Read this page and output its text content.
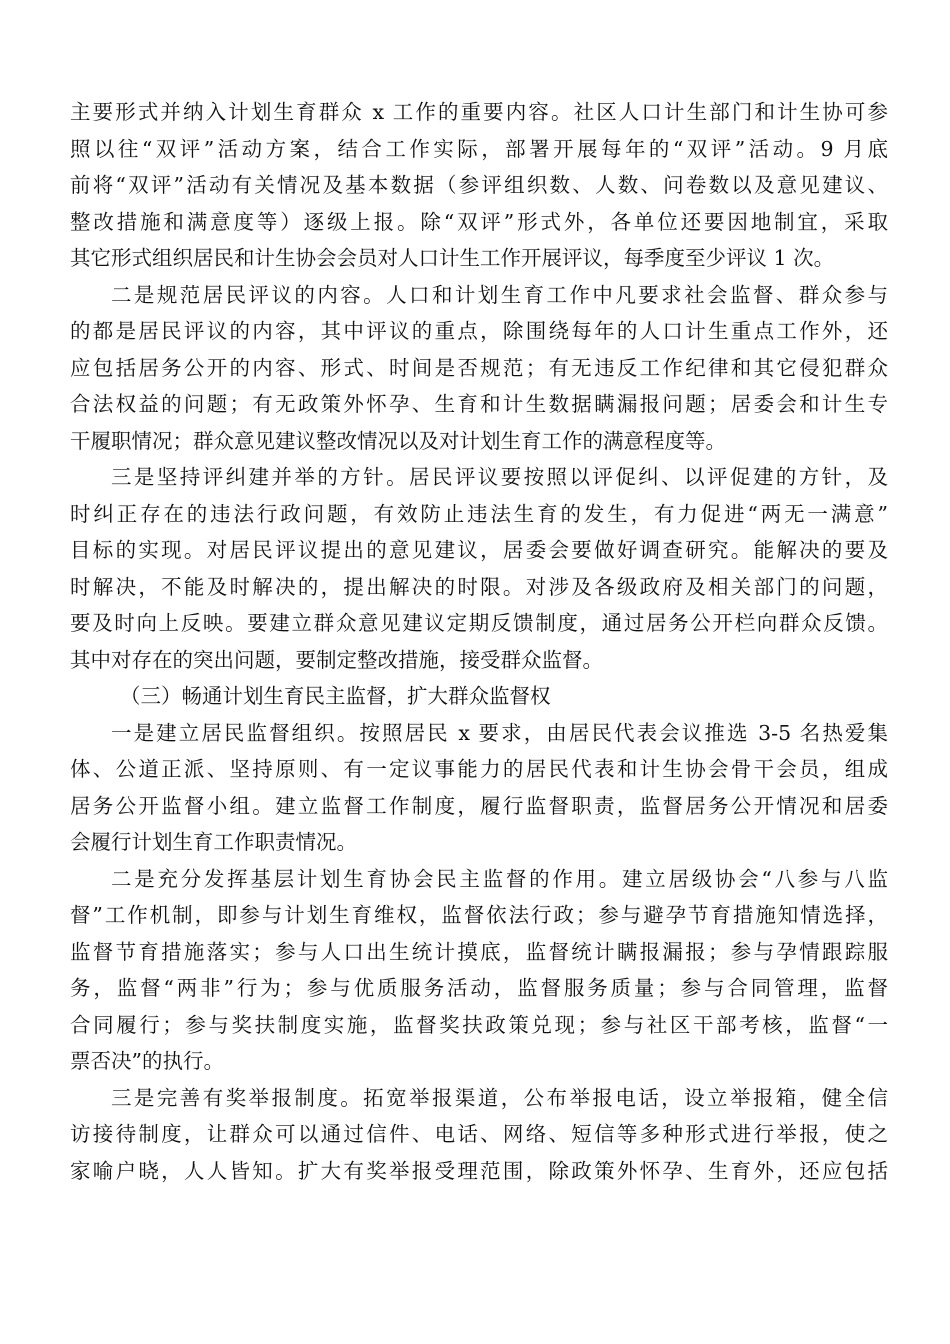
主要形式并纳入计划生育群众 x 工作的重要内容。社区人口计生部门和计生协可参
照以往“双评”活动方案，结合工作实际，部署开展每年的“双评”活动。9 月底
前将“双评”活动有关情况及基本数据（参评组织数、人数、问卷数以及意见建议、
整改措施和满意度等）逐级上报。除“双评”形式外，各单位还要因地制宜，采取
其它形式组织居民和计生协会会员对人口计生工作开展评议，每季度至少评议 1 次。
二是规范居民评议的内容。人口和计划生育工作中凡要求社会监督、群众参与
的都是居民评议的内容，其中评议的重点，除围绕每年的人口计生重点工作外，还
应包括居务公开的内容、形式、时间是否规范；有无违反工作纪律和其它侵犯群众
合法权益的问题；有无政策外怀孕、生育和计生数据瞒漏报问题；居委会和计生专
干履职情况；群众意见建议整改情况以及对计划生育工作的满意程度等。
三是坚持评纠建并举的方针。居民评议要按照以评促纠、以评促建的方针，及
时纠正存在的违法行政问题，有效防止违法生育的发生，有力促进“两无一满意”
目标的实现。对居民评议提出的意见建议，居委会要做好调查研究。能解决的要及
时解决，不能及时解决的，提出解决的时限。对涉及各级政府及相关部门的问题，
要及时向上反映。要建立群众意见建议定期反馈制度，通过居务公开栏向群众反馈。
其中对存在的突出问题，要制定整改措施，接受群众监督。
（三）畅通计划生育民主监督，扩大群众监督权
一是建立居民监督组织。按照居民 x 要求，由居民代表会议推选 3-5 名热爱集
体、公道正派、坚持原则、有一定议事能力的居民代表和计生协会骨干会员，组成
居务公开监督小组。建立监督工作制度，履行监督职责，监督居务公开情况和居委
会履行计划生育工作职责情况。
二是充分发挥基层计划生育协会民主监督的作用。建立居级协会“八参与八监
督”工作机制，即参与计划生育维权，监督依法行政；参与避孕节育措施知情选择，
监督节育措施落实；参与人口出生统计摸底，监督统计瞒报漏报；参与孕情跟踪服
务，监督“两非”行为；参与优质服务活动，监督服务质量；参与合同管理，监督
合同履行；参与奖扶制度实施，监督奖扶政策兑现；参与社区干部考核，监督“一
票否决”的执行。
三是完善有奖举报制度。拓宽举报渠道，公布举报电话，设立举报箱，健全信
访接待制度，让群众可以通过信件、电话、网络、短信等多种形式进行举报，使之
家喻户晓，人人皆知。扩大有奖举报受理范围，除政策外怀孕、生育外，还应包括
